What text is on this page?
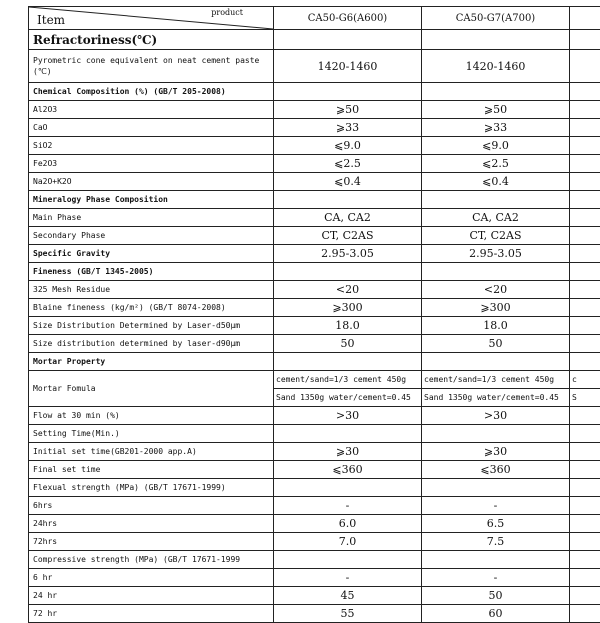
Item
product	CA50-G6(A600)	CA50-G7(A700)	
Refractoriness(℃)			
Pyrometric cone equivalent on neat cement paste (℃)	1420-1460	1420-1460	
Chemical Composition (%) (GB/T 205-2008)			
Al2O3	⩾50	⩾50	
CaO	⩾33	⩾33	
SiO2	⩽9.0	⩽9.0	
Fe2O3	⩽2.5	⩽2.5	
Na2O+K2O	⩽0.4	⩽0.4	
Mineralogy Phase Composition			
Main Phase	CA, CA2	CA, CA2	
Secondary Phase	CT, C2AS	CT, C2AS	
Specific Gravity	2.95-3.05	2.95-3.05	
Fineness (GB/T 1345-2005)			
325 Mesh Residue	<20	<20	
Blaine fineness (kg/m²) (GB/T 8074-2008)	⩾300	⩾300	
Size Distribution Determined by Laser-d50μm	18.0	18.0	
Size distribution determined by laser-d90μm	50	50	
Mortar Property			
Mortar Fomula	cement/sand=1/3 cement 450g	cement/sand=1/3 cement 450g	c
	Sand 1350g water/cement=0.45	Sand 1350g water/cement=0.45	S
Flow at 30 min (%)	>30	>30	
Setting Time(Min.)			
Initial set time(GB201-2000 app.A)	⩾30	⩾30	
Final set time	⩽360	⩽360	
Flexual strength (MPa) (GB/T 17671-1999)			
6hrs	-	-	
24hrs	6.0	6.5	
72hrs	7.0	7.5	
Compressive strength (MPa) (GB/T 17671-1999			
6 hr	-	-	
24 hr	45	50	
72 hr	55	60	
